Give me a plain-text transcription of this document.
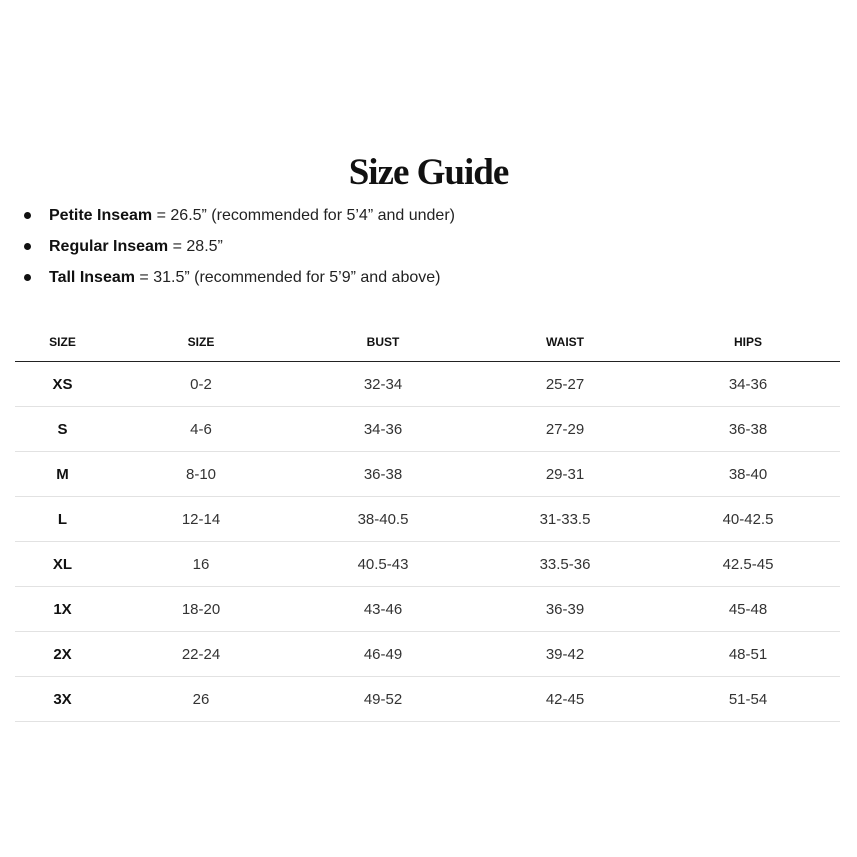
Size Guide
Petite Inseam = 26.5” (recommended for 5’4” and under)
Regular Inseam = 28.5”
Tall Inseam = 31.5” (recommended for 5’9” and above)
SIZE	SIZE	BUST	WAIST	HIPS
XS	0-2	32-34	25-27	34-36
S	4-6	34-36	27-29	36-38
M	8-10	36-38	29-31	38-40
L	12-14	38-40.5	31-33.5	40-42.5
XL	16	40.5-43	33.5-36	42.5-45
1X	18-20	43-46	36-39	45-48
2X	22-24	46-49	39-42	48-51
3X	26	49-52	42-45	51-54
